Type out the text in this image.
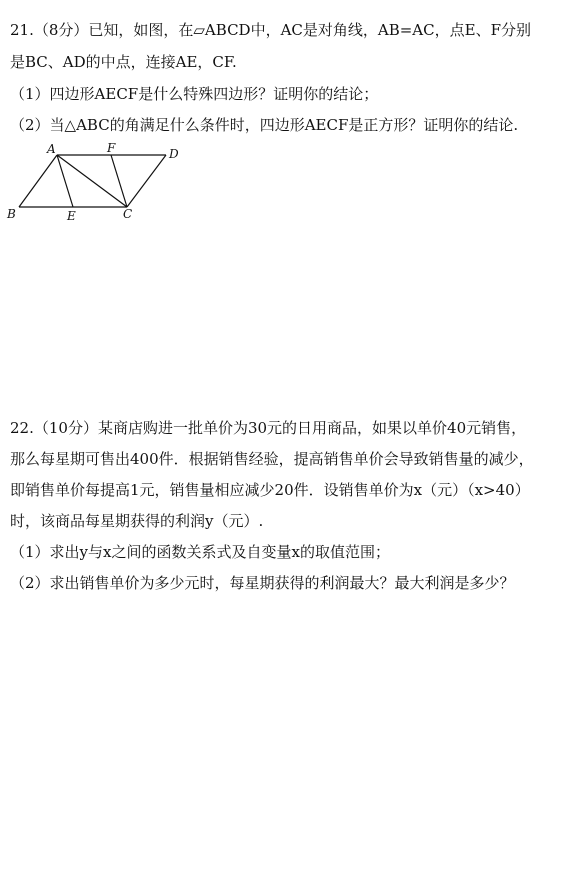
21.（8分）已知，如图，在▱ABCD中，AC是对角线，AB=AC，点E、F分别
是BC、AD的中点，连接AE，CF.
（1）四边形AECF是什么特殊四边形？证明你的结论；
（2）当△ABC的角满足什么条件时，四边形AECF是正方形？证明你的结论.
A	F	D
B	E	C
22.（10分）某商店购进一批单价为30元的日用商品，如果以单价40元销售，
那么每星期可售出400件．根据销售经验，提高销售单价会导致销售量的减少，
即销售单价每提高1元，销售量相应减少20件．设销售单价为x（元）（x>40）
时，该商品每星期获得的利润y（元）.
（1）求出y与x之间的函数关系式及自变量x的取值范围；
（2）求出销售单价为多少元时，每星期获得的利润最大？最大利润是多少？
